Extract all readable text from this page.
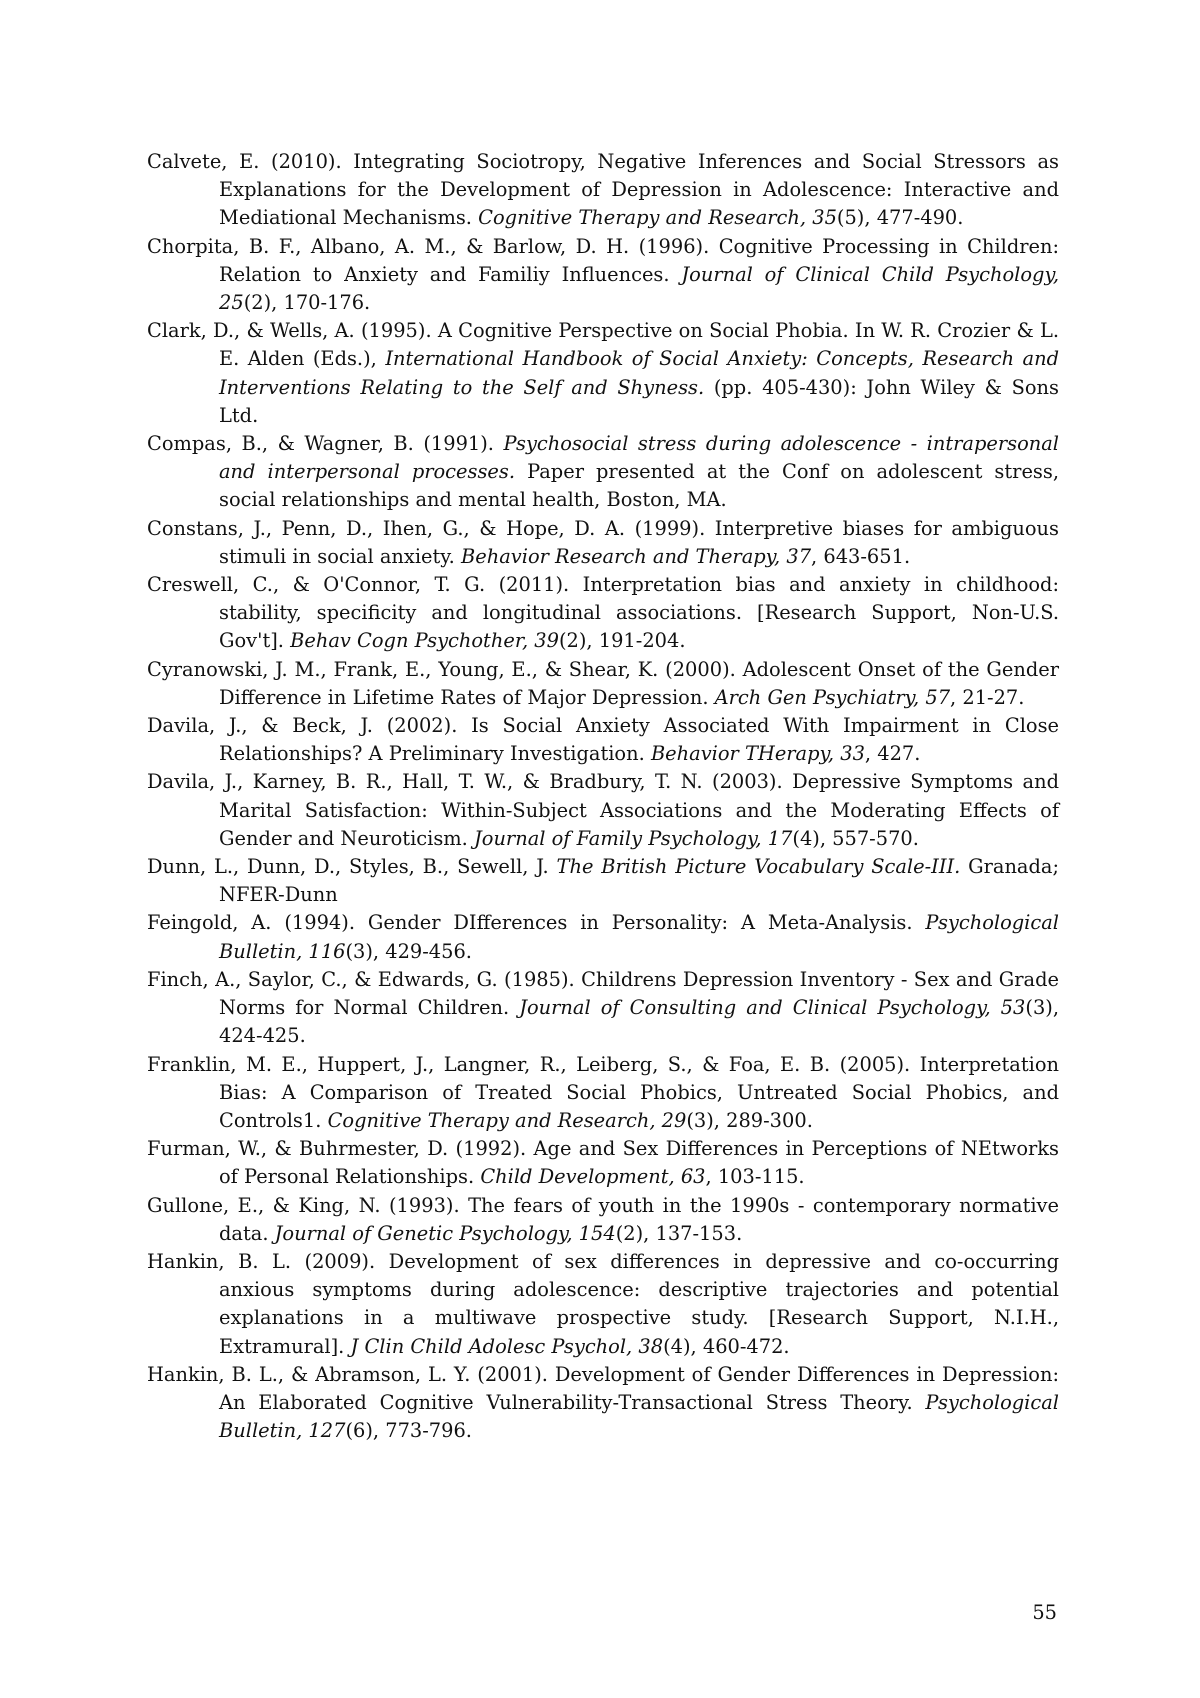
Calvete, E. (2010). Integrating Sociotropy, Negative Inferences and Social Stressors as Explanations for the Development of Depression in Adolescence: Interactive and Mediational Mechanisms. Cognitive Therapy and Research, 35(5), 477-490.

Chorpita, B. F., Albano, A. M., & Barlow, D. H. (1996). Cognitive Processing in Children: Relation to Anxiety and Familiy Influences. Journal of Clinical Child Psychology, 25(2), 170-176.

Clark, D., & Wells, A. (1995). A Cognitive Perspective on Social Phobia. In W. R. Crozier & L. E. Alden (Eds.), International Handbook of Social Anxiety: Concepts, Research and Interventions Relating to the Self and Shyness. (pp. 405-430): John Wiley & Sons Ltd.

Compas, B., & Wagner, B. (1991). Psychosocial stress during adolescence - intrapersonal and interpersonal processes. Paper presented at the Conf on adolescent stress, social relationships and mental health, Boston, MA.

Constans, J., Penn, D., Ihen, G., & Hope, D. A. (1999). Interpretive biases for ambiguous stimuli in social anxiety. Behavior Research and Therapy, 37, 643-651.

Creswell, C., & O'Connor, T. G. (2011). Interpretation bias and anxiety in childhood: stability, specificity and longitudinal associations. [Research Support, Non-U.S. Gov't]. Behav Cogn Psychother, 39(2), 191-204.

Cyranowski, J. M., Frank, E., Young, E., & Shear, K. (2000). Adolescent Onset of the Gender Difference in Lifetime Rates of Major Depression. Arch Gen Psychiatry, 57, 21-27.

Davila, J., & Beck, J. (2002). Is Social Anxiety Associated With Impairment in Close Relationships? A Preliminary Investigation. Behavior THerapy, 33, 427.

Davila, J., Karney, B. R., Hall, T. W., & Bradbury, T. N. (2003). Depressive Symptoms and Marital Satisfaction: Within-Subject Associations and the Moderating Effects of Gender and Neuroticism. Journal of Family Psychology, 17(4), 557-570.

Dunn, L., Dunn, D., Styles, B., Sewell, J. The British Picture Vocabulary Scale-III. Granada; NFER-Dunn

Feingold, A. (1994). Gender DIfferences in Personality: A Meta-Analysis. Psychological Bulletin, 116(3), 429-456.

Finch, A., Saylor, C., & Edwards, G. (1985). Childrens Depression Inventory - Sex and Grade Norms for Normal Children. Journal of Consulting and Clinical Psychology, 53(3), 424-425.

Franklin, M. E., Huppert, J., Langner, R., Leiberg, S., & Foa, E. B. (2005). Interpretation Bias: A Comparison of Treated Social Phobics, Untreated Social Phobics, and Controls1. Cognitive Therapy and Research, 29(3), 289-300.

Furman, W., & Buhrmester, D. (1992). Age and Sex Differences in Perceptions of NEtworks of Personal Relationships. Child Development, 63, 103-115.

Gullone, E., & King, N. (1993). The fears of youth in the 1990s - contemporary normative data. Journal of Genetic Psychology, 154(2), 137-153.

Hankin, B. L. (2009). Development of sex differences in depressive and co-occurring anxious symptoms during adolescence: descriptive trajectories and potential explanations in a multiwave prospective study. [Research Support, N.I.H., Extramural]. J Clin Child Adolesc Psychol, 38(4), 460-472.

Hankin, B. L., & Abramson, L. Y. (2001). Development of Gender Differences in Depression: An Elaborated Cognitive Vulnerability-Transactional Stress Theory. Psychological Bulletin, 127(6), 773-796.

55
